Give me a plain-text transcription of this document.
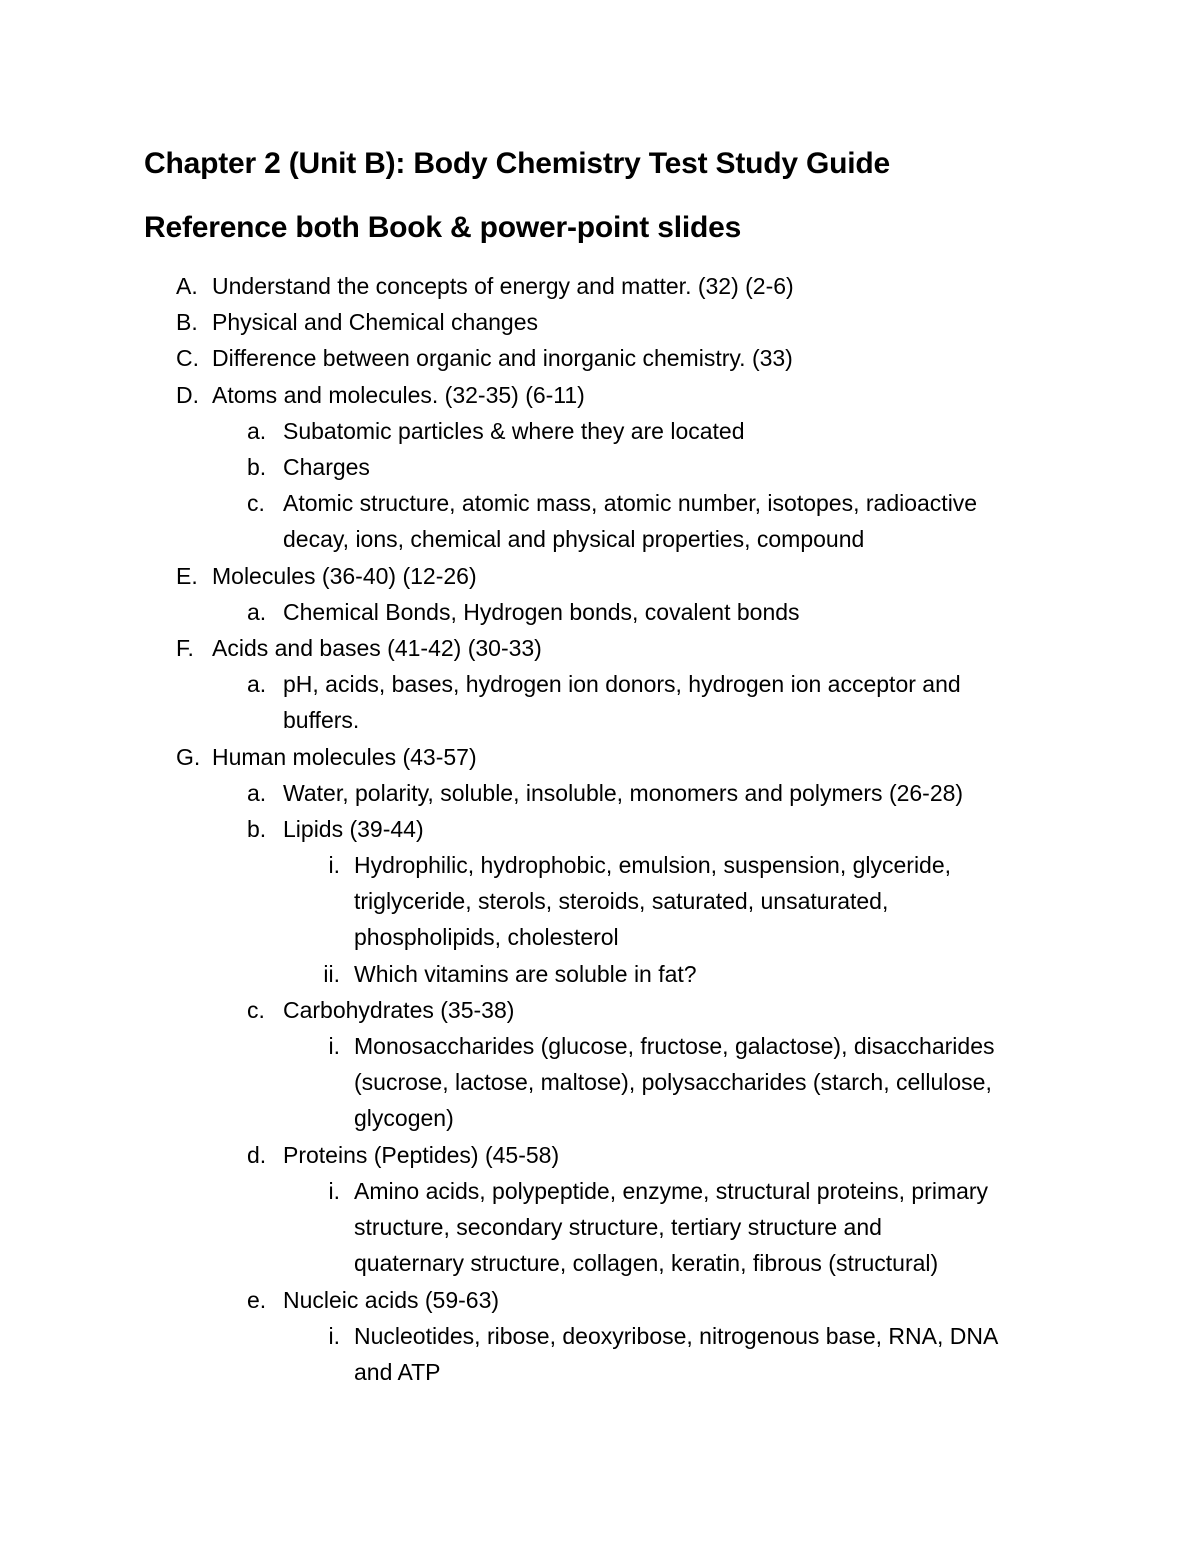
Chapter 2 (Unit B): Body Chemistry Test Study Guide
Reference both Book & power-point slides
A. Understand the concepts of energy and matter. (32) (2-6)
B. Physical and Chemical changes
C. Difference between organic and inorganic chemistry. (33)
D. Atoms and molecules. (32-35) (6-11)
a. Subatomic particles & where they are located
b. Charges
c. Atomic structure, atomic mass, atomic number, isotopes, radioactive
decay, ions, chemical and physical properties, compound
E. Molecules (36-40) (12-26)
a. Chemical Bonds, Hydrogen bonds, covalent bonds
F. Acids and bases (41-42) (30-33)
a. pH, acids, bases, hydrogen ion donors, hydrogen ion acceptor and
buffers.
G. Human molecules (43-57)
a. Water, polarity, soluble, insoluble, monomers and polymers (26-28)
b. Lipids (39-44)
i. Hydrophilic, hydrophobic, emulsion, suspension, glyceride,
triglyceride, sterols, steroids, saturated, unsaturated,
phospholipids, cholesterol
ii. Which vitamins are soluble in fat?
c. Carbohydrates (35-38)
i. Monosaccharides (glucose, fructose, galactose), disaccharides
(sucrose, lactose, maltose), polysaccharides (starch, cellulose,
glycogen)
d. Proteins (Peptides) (45-58)
i. Amino acids, polypeptide, enzyme, structural proteins, primary
structure, secondary structure, tertiary structure and
quaternary structure, collagen, keratin, fibrous (structural)
e. Nucleic acids (59-63)
i. Nucleotides, ribose, deoxyribose, nitrogenous base, RNA, DNA
and ATP
